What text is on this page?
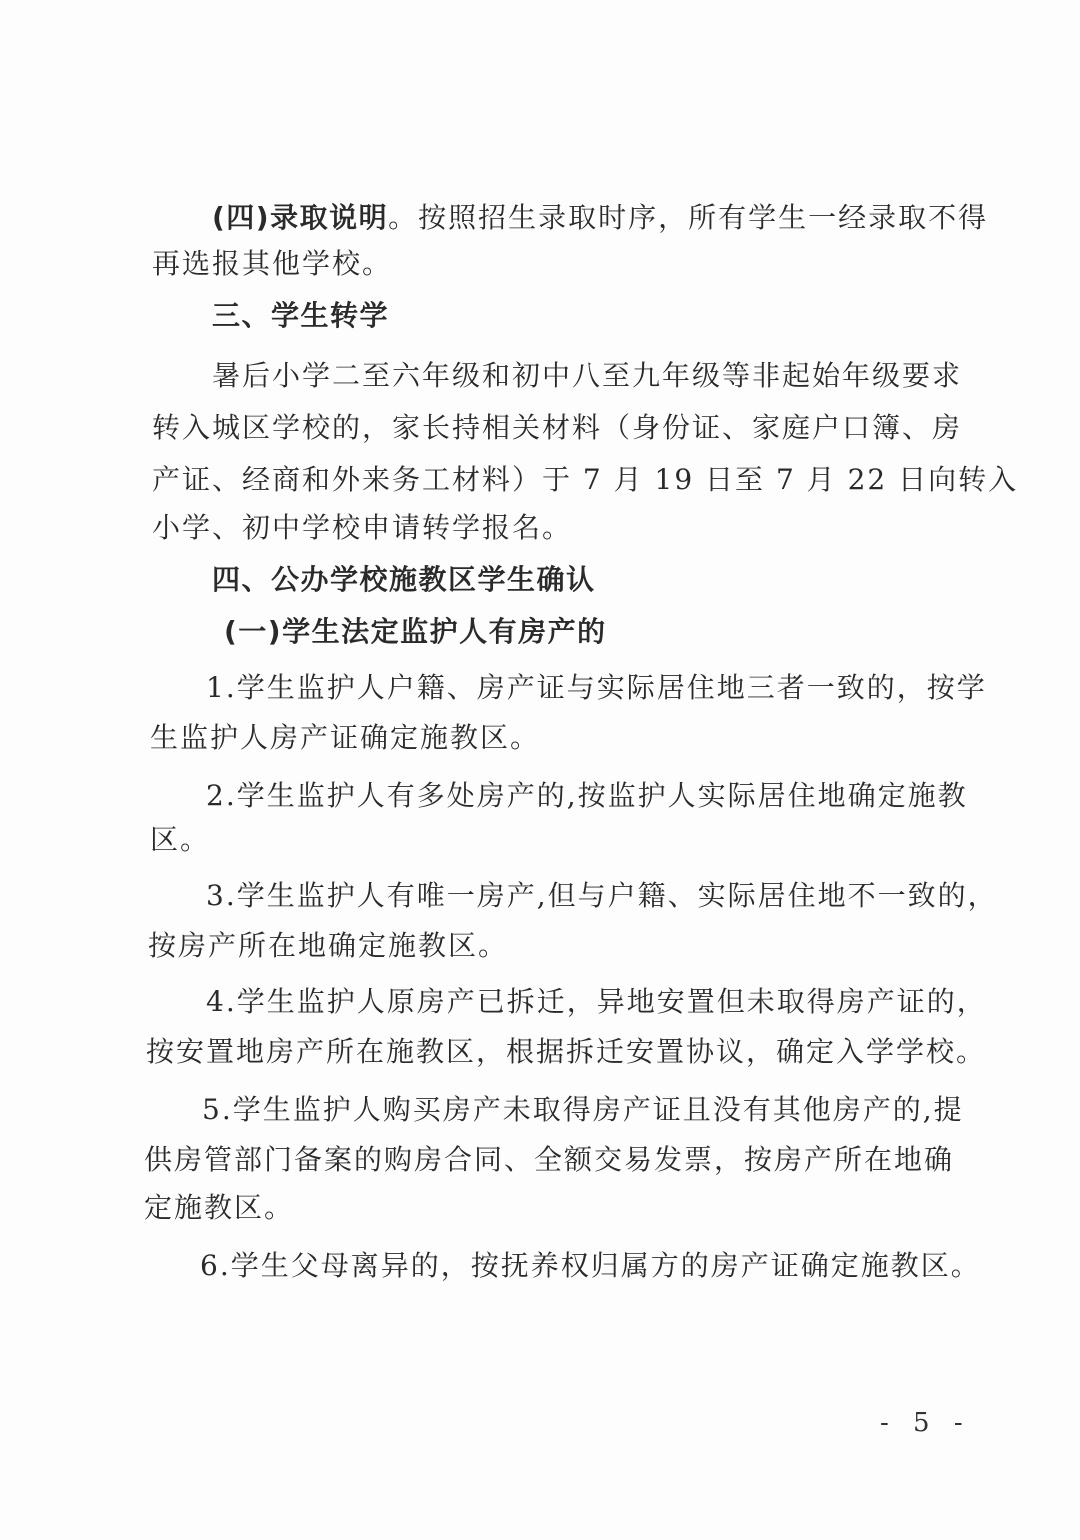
(四)录取说明。按照招生录取时序，所有学生一经录取不得
再选报其他学校。
三、学生转学
暑后小学二至六年级和初中八至九年级等非起始年级要求
转入城区学校的，家长持相关材料（身份证、家庭户口簿、房
产证、经商和外来务工材料）于 7 月 19 日至 7 月 22 日向转入
小学、初中学校申请转学报名。
四、公办学校施教区学生确认
(一)学生法定监护人有房产的
1.学生监护人户籍、房产证与实际居住地三者一致的，按学
生监护人房产证确定施教区。
2.学生监护人有多处房产的,按监护人实际居住地确定施教
区。
3.学生监护人有唯一房产,但与户籍、实际居住地不一致的，
按房产所在地确定施教区。
4.学生监护人原房产已拆迁，异地安置但未取得房产证的，
按安置地房产所在施教区，根据拆迁安置协议，确定入学学校。
5.学生监护人购买房产未取得房产证且没有其他房产的,提
供房管部门备案的购房合同、全额交易发票，按房产所在地确
定施教区。
6.学生父母离异的，按抚养权归属方的房产证确定施教区。
- 5 -
